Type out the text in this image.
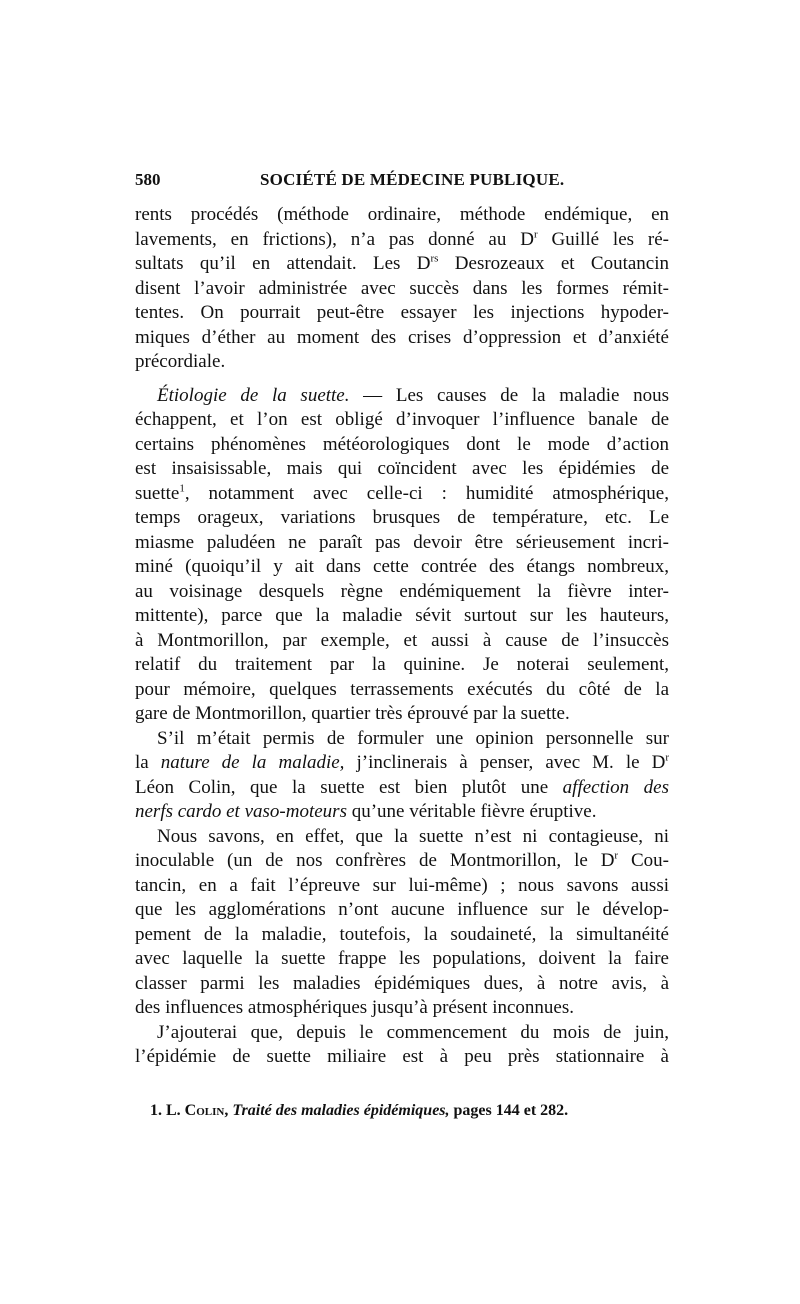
580	SOCIÉTÉ DE MÉDECINE PUBLIQUE.
rents procédés (méthode ordinaire, méthode endémique, en
lavements, en frictions), n’a pas donné au $D^r$ Guillé les ré-
sultats qu’il en attendait. Les $D^{rs}$ Desrozeaux et Coutancin
disent l’avoir administrée avec succès dans les formes rémit-
tentes. On pourrait peut-être essayer les injections hypoder-
miques d’éther au moment des crises d’oppression et d’anxiété
précordiale.
Étiologie de la suette. — Les causes de la maladie nous
échappent, et l’on est obligé d’invoquer l’influence banale de
certains phénomènes météorologiques dont le mode d’action
est insaisissable, mais qui coïncident avec les épidémies de
suette$^1$, notamment avec celle-ci : humidité atmosphérique,
temps orageux, variations brusques de température, etc. Le
miasme paludéen ne paraît pas devoir être sérieusement incri-
miné (quoiqu’il y ait dans cette contrée des étangs nombreux,
au voisinage desquels règne endémiquement la fièvre inter-
mittente), parce que la maladie sévit surtout sur les hauteurs,
à Montmorillon, par exemple, et aussi à cause de l’insuccès
relatif du traitement par la quinine. Je noterai seulement,
pour mémoire, quelques terrassements exécutés du côté de la
gare de Montmorillon, quartier très éprouvé par la suette.
S’il m’était permis de formuler une opinion personnelle sur
la nature de la maladie, j’inclinerais à penser, avec M. le $D^r$
Léon Colin, que la suette est bien plutôt une affection des
nerfs cardo et vaso-moteurs qu’une véritable fièvre éruptive.
Nous savons, en effet, que la suette n’est ni contagieuse, ni
inoculable (un de nos confrères de Montmorillon, le $D^r$ Cou-
tancin, en a fait l’épreuve sur lui-même) ; nous savons aussi
que les agglomérations n’ont aucune influence sur le dévelop-
pement de la maladie, toutefois, la soudaineté, la simultanéité
avec laquelle la suette frappe les populations, doivent la faire
classer parmi les maladies épidémiques dues, à notre avis, à
des influences atmosphériques jusqu’à présent inconnues.
J’ajouterai que, depuis le commencement du mois de juin,
l’épidémie de suette miliaire est à peu près stationnaire à
1. L. Colin, Traité des maladies épidémiques, pages 144 et 282.
